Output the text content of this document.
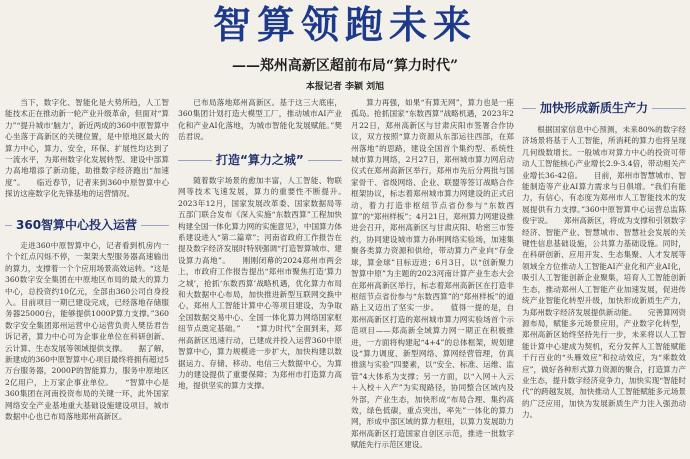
智算领跑未来
——郑州高新区超前布局“算力时代”
本报记者 李颖 刘旭

当下，数字化、智能化是大势所趋，人工智能技术正在推动新一轮产业升级革命，但面对“算力”“提升城市‘脑力’，新近两成的360中原智算中心坐落于高新区的关键位置，是中原地区最大的算力中心，算力、安全，环保、扩展性均达到了一流水平，为郑州数字化发展转型、建设中部算力高地增添了新动能，助推数字经济跑出“加速度”。　　临近春节，记者来到360中原智算中心探访这座数字化先锋基地的运营情况。

360智算中心投入运营

走进360中原智算中心，记者看到机房内一个个红点闪烁不停，一架架大型服务器高速输出的算力，支撑着一个个应用场景高效运转。“这是360数字安全集团在中原地区布局的最大的算力中心，总投资约10亿元，全部由360公司自身投入。目前项目一期已建设完成，已经落地存储服务器25000台，能够提供1000P算力支撑。”360数字安全集团郑州运营中心运营负责人樊岳君告诉记者，算力中心可为企事业单位在科研创新、云计算、生态发展等领域提供支撑。　　据了解，新建成的360中原智算中心项目最终将拥有超过5万台服务器，2000P的智能算力，服务中原地区2亿用户，上万家企事业单位。　　“智算中心是360集团在河南投资布局的关键一环，此外国家网络安全产业基地重大基础设施建设项目，城市数据中心也已布局落地郑州高新区。

已布局落地郑州高新区。基于这三大底座，360集团计划打造大模型工厂，推动城市AI产业化和产业AI化落地，为城市智能化发展赋能。”樊岳君说。

打造“算力之城”

随着数字场景的愈加丰富，人工智能、物联网等技术飞速发展，算力的重要性不断提升。　　2023年12月，国家发展改革委、国家数据局等五部门联合发布《深入实施“东数西算”工程加快构建全国一体化算力网的实施意见》，中国算力体系建设进入“第二篇章”；河南省政府工作报告在提及数字经济发展时特别强调“打造智算城市、建设算力高地”。　　刚刚闭幕的2024郑州市两会上，市政府工作报告提出“郑州市聚焦打造‘算力之城’，抢抓‘东数西算’战略机遇，优化算力布局和大数据中心布局，加快推进新型互联网交换中心，郑州人工智能计算中心等项目建设，为争取全国数据交易中心、全国一体化算力网络国家枢纽节点奠定基础。”　　“算力时代”全面到来，郑州高新区迅速行动，已建成并投入运营360中原智算中心，算力规模进一步扩大，加快构建以数据运力、存储、移动、电信三大数据中心，为算力的建设提供了重要保障；为郑州市打造算力高地，提供坚实的算力支撑。

算力再强，如果“有算无网”，算力也是一座孤岛。抢抓国家“东数西算”战略机遇，2023年2月22日，郑州高新区与甘肃庆阳市签署合作协议，双方按照“算力资源从东部运往西部，在郑州落地”的思路，建设全国首个集约型、系统性城市算力网络，2月27日，郑州城市算力网启动仪式在郑州高新区举行，郑州市先后分两批与国家骨干、省级网络、企业、联盟等签订战略合作框架协议，标志着郑州城市算力网建设的正式启动，着力打造非枢纽节点省份参与“东数西算”的“郑州样板”；4月21日，郑州算力网建设推进会召开，郑州高新区与甘肃庆阳、哈密三市签约，协同建设城市算力孙明网络实验场，加速集聚各类算力资源和供给，带动算力产业向“存金球，算金球”目标迈进；6月3日，以“创新聚力 智算中原”为主题的2023河南计算产业生态大会在郑州高新区举行，标志着郑州高新区在打造非枢纽节点省份参与“东数西算”的“郑州样板”的道路上又迈出了坚实一步。　　值得一提的是，自郑州高新区打造的郑州城市算力网实验场首个示范项目——郑高新全域算力网一期正在积极推进，一方面将构建起“4+4”的总体框架，规划建设“算力调度、新型网络、算网经营管理，仿真推演与实验”四要素，以“安全、标准、运维、监管”4大体系为支撑；另一方面，以“入网＋入云＋入校＋入产”为实现路径，协同整合区域内及外部，产业生态，加快形成“布局合理、集约高效，绿色低碳，重点突出，率先”一体化的算力网，形成中部区域的算力枢纽，以算力发展助力郑州高新区打造国家自创区示范，推进一批数字赋能先行示范区建设。

加快形成新质生产力

根据国家信息中心预测，未来80%的数字经济场景将基于人工智能，所消耗的算力也将呈现几何级数增长。一般城市对算力中心的投资可带动人工智能核心产业增长2.9-3.4倍，带动相关产业增长36-42倍。　　目前，郑州市智慧城市、智能制造等产业AI算力需求与日俱增。“我们有能力，有信心，有态度为郑州市人工智能技术的发展提供有力支撑。”360中原智算中心运营总监陈俊宇说。　　郑州高新区，将成为支撑和引领数字经济、智能产业、智慧城市、智慧社会发展的关键性信息基础设施，公共算力基础设施。同时，在科研创新、应用开发、生态集聚、人才发展等领域全方位推动人工智能AI产业化和产业AI化，吸引人工智能创新企业聚集，培育人工智能创新生态，推动郑州人工智能产业加速发展，促进传统产业智能化转型升级，加快形成新质生产力，为郑州数字经济发展提供新动能。　　完善算网资源布局，赋能多元场景应用，产业数字化转型，郑州高新区始终坚持先行一步，未来将以人工智能计算中心建成为契机，充分发挥人工智能赋能千行百业的“头雁效应”和拉动效应，为“乘数效应”，做好各种形式算力资源的聚合，打造算力产业生态，提升数字经济竞争力，加快实现“智能时代”的跨越发展，加快推动人工智能赋能多元场景的广泛应用，加快为发展新质生产力注入强劲动力。
